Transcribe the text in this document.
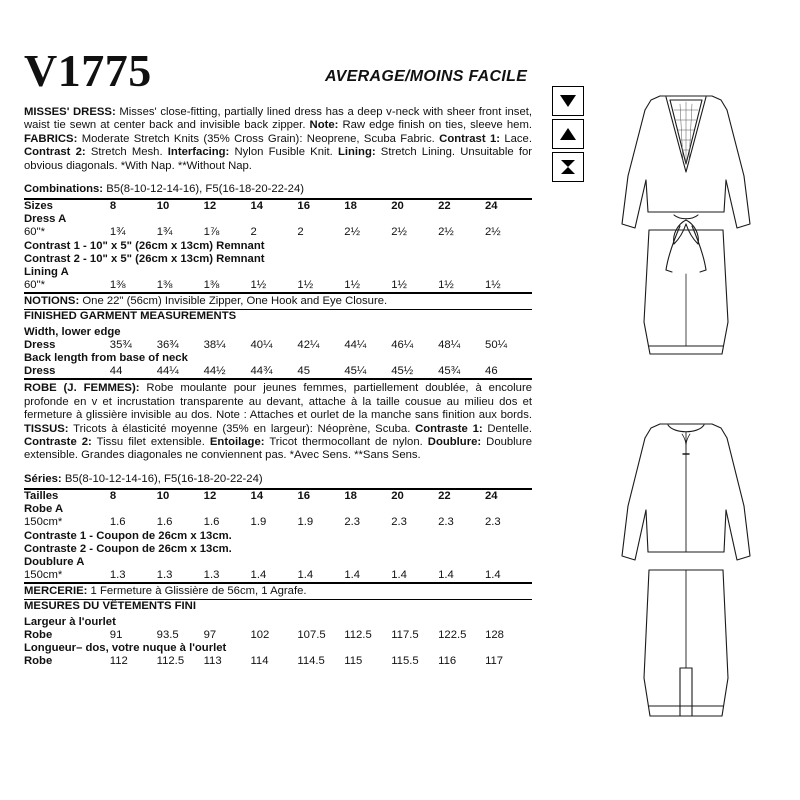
V1775	AVERAGE/MOINS FACILE
MISSES' DRESS: Misses' close-fitting, partially lined dress has a deep v-neck with sheer front inset, waist tie sewn at center back and invisible back zipper. Note: Raw edge finish on ties, sleeve hem. FABRICS: Moderate Stretch Knits (35% Cross Grain): Neoprene, Scuba Fabric. Contrast 1: Lace. Contrast 2: Stretch Mesh. Interfacing: Nylon Fusible Knit. Lining: Stretch Lining. Unsuitable for obvious diagonals. *With Nap. **Without Nap.
Combinations: B5(8-10-12-14-16), F5(16-18-20-22-24)
Sizes	8	10	12	14	16	18	20	22	24
Dress A									
60"*	1¾	1¾	1⅞	2	2	2½	2½	2½	2½
Contrast 1 - 10" x 5" (26cm x 13cm) Remnant									
Contrast 2 - 10" x 5" (26cm x 13cm) Remnant									
Lining A									
60"*	1⅜	1⅜	1⅜	1½	1½	1½	1½	1½	1½
NOTIONS: One 22" (56cm) Invisible Zipper, One Hook and Eye Closure.
FINISHED GARMENT MEASUREMENTS
Width, lower edge									
Dress	35¾	36¾	38¼	40¼	42¼	44¼	46¼	48¼	50¼
Back length from base of neck									
Dress	44	44¼	44½	44¾	45	45¼	45½	45¾	46
ROBE (J. FEMMES): Robe moulante pour jeunes femmes, partiellement doublée, à encolure profonde en v et incrustation transparente au devant, attache à la taille cousue au milieu dos et fermeture à glissière invisible au dos. Note : Attaches et ourlet de la manche sans finition aux bords. TISSUS: Tricots à élasticité moyenne (35% en largeur): Néoprène, Scuba. Contraste 1: Dentelle. Contraste 2: Tissu filet extensible. Entoilage: Tricot thermocollant de nylon. Doublure: Doublure extensible. Grandes diagonales ne conviennent pas. *Avec Sens. **Sans Sens.
Séries: B5(8-10-12-14-16), F5(16-18-20-22-24)
Tailles	8	10	12	14	16	18	20	22	24
Robe A									
150cm*	1.6	1.6	1.6	1.9	1.9	2.3	2.3	2.3	2.3
Contraste 1 - Coupon de 26cm x 13cm.									
Contraste 2 - Coupon de 26cm x 13cm.									
Doublure A									
150cm*	1.3	1.3	1.3	1.4	1.4	1.4	1.4	1.4	1.4
MERCERIE: 1 Fermeture à Glissière de 56cm, 1 Agrafe.
MESURES DU VÊTEMENTS FINI
Largeur à l'ourlet									
Robe	91	93.5	97	102	107.5	112.5	117.5	122.5	128
Longueur– dos, votre nuque à l'ourlet									
Robe	112	112.5	113	114	114.5	115	115.5	116	117
